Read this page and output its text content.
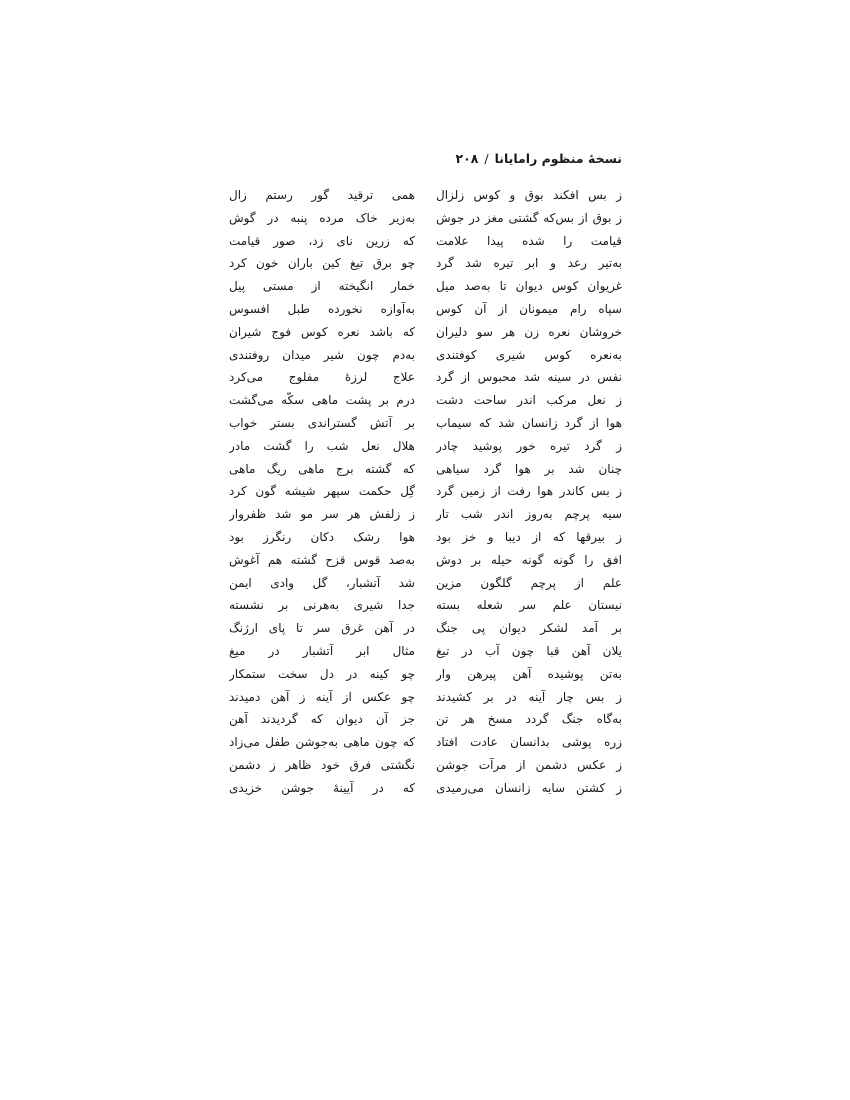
نسخهٔ منظوم رامایانا/۲۰۸
ز بس افکند بوق و کوس زلزال
ز بوق از بس‌که گشتی مغز در جوش
قیامت را شده پیدا علامت
به‌تیر رعد و ابر تیره شد گرد
غریوان کوس دیوان تا به‌صد میل
سپاه رام میمونان از آن کوس
خروشان نعره زن هر سو دلیران
به‌نعره کوس شیری کوفتندی
نفس در سینه شد محبوس از گرد
ز نعل مرکب اندر ساحت دشت
هوا از گرد زانسان شد که سیماب
ز گرد تیره خور پوشید چادر
چنان شد بر هوا گرد سیاهی
ز بس کاندر هوا رفت از زمین گرد
سیه پرچم به‌روز اندر شب تار
ز بیرقها که از دیبا و خز بود
افق را گونه گونه حیله بر دوش
علم از پرچم گلگون مزین
نیستان علم سر شعله بسته
بر آمد لشکر دیوان پی جنگ
یلان آهن قبا چون آب در تیغ
به‌تن پوشیده آهن پیرهن وار
ز بس چار آینه در بر کشیدند
به‌گاه جنگ گردد مسخ هر تن
زره پوشی بدانسان عادت افتاد
ز عکس دشمن از مرآت جوشن
ز کشتن سایه زانسان می‌رمیدی
همی ترقید گور رستم زال
به‌زیر خاک مرده پنبه در گوش
که زرین نای زد، صور قیامت
چو برق تیغ کین باران خون کرد
خمار انگیخته از مستی پیل
به‌آوازه نخورده طبل افسوس
که باشد نعره کوس فوج شیران
به‌دم چون شیر میدان روفتندی
علاج لرزهٔ مفلوج می‌کرد
درم بر پشت ماهی سکّه می‌گشت
بر آتش گستراندی بستر خواب
هلال نعل شب را گشت مادر
که گشته برج ماهی ریگ ماهی
گِل حکمت سپهر شیشه گون کرد
ز زلفش هر سر مو شد ظفروار
هوا رشک دکان رنگرز بود
به‌صد قوس قزح گشته هم آغوش
شد آتشبار، گل وادی ایمن
جدا شیری به‌هرنی بر نشسته
در آهن غرق سر تا پای ارژنگ
مثال ابر آتشبار در میغ
چو کینه در دل سخت ستمکار
چو عکس از آینه ز آهن دمیدند
جز آن دیوان که گردیدند آهن
که چون ماهی به‌جوشن طفل می‌زاد
نگشتی فرق خود ظاهر ز دشمن
که در آیینهٔ جوشن خزیدی
